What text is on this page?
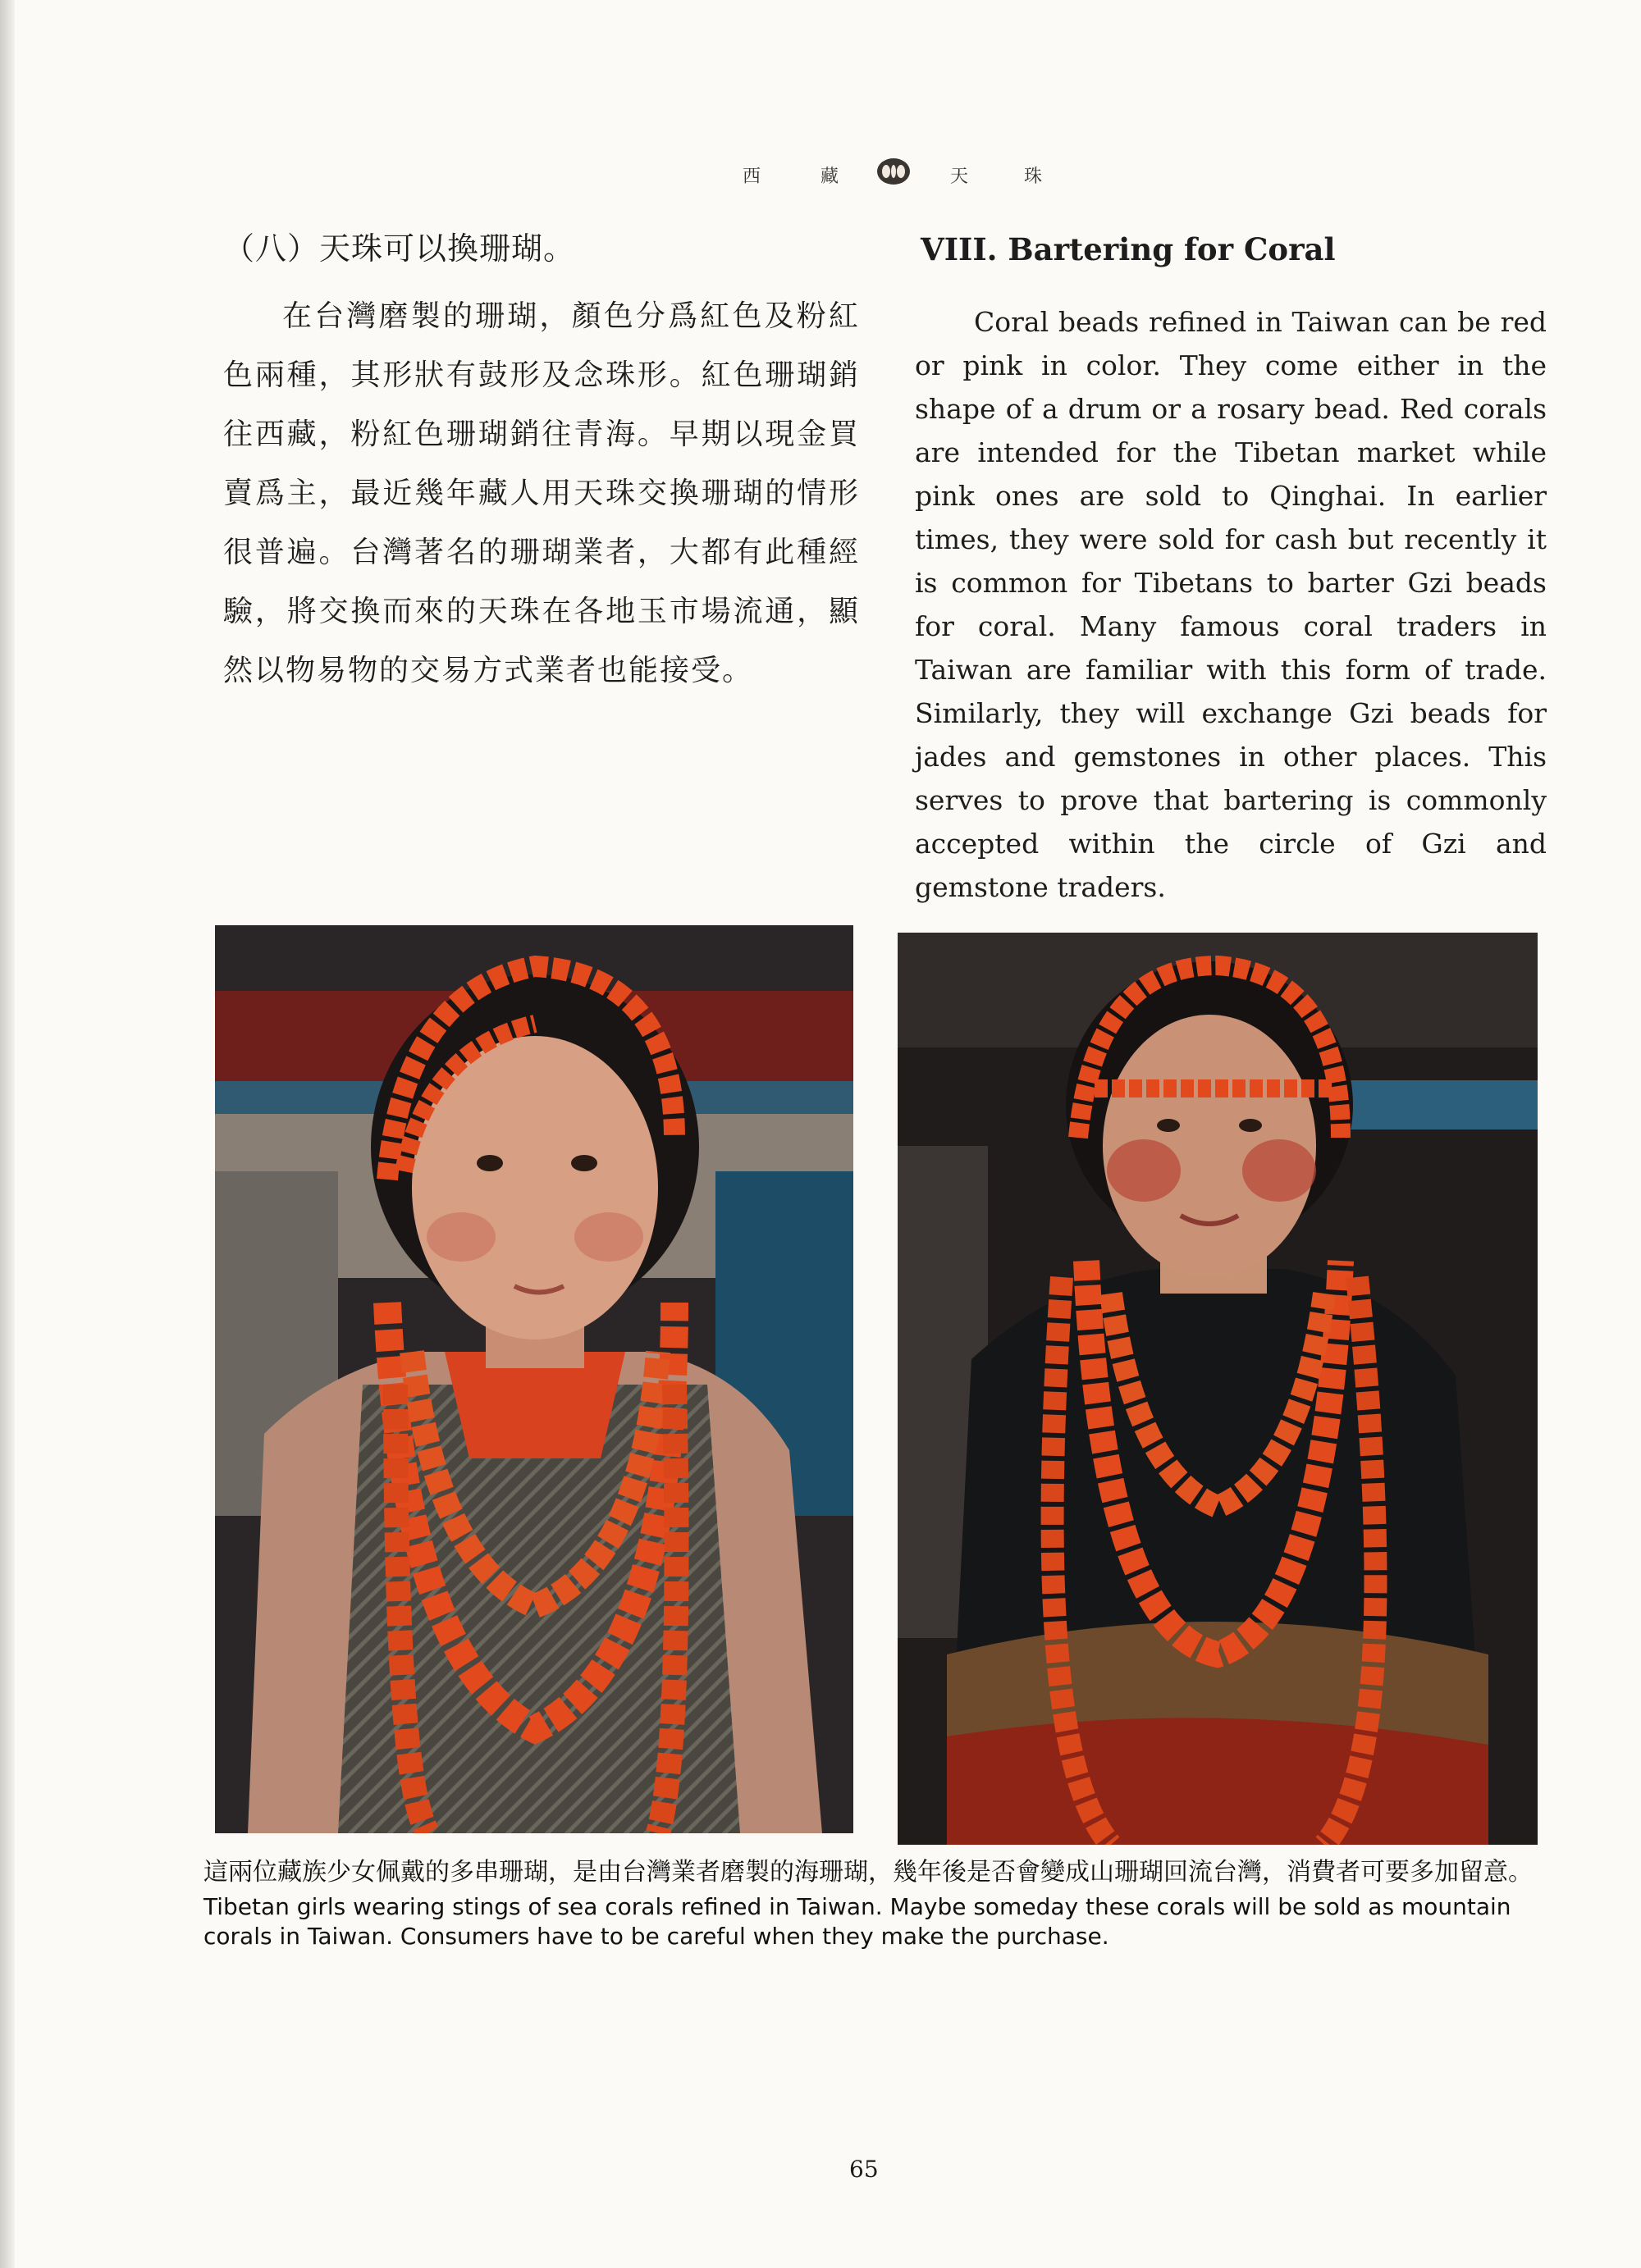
西	藏	天	珠
（八）天珠可以換珊瑚。
在台灣磨製的珊瑚，顏色分爲紅色及粉紅色兩種，其形狀有鼓形及念珠形。紅色珊瑚銷往西藏，粉紅色珊瑚銷往青海。早期以現金買賣爲主，最近幾年藏人用天珠交換珊瑚的情形很普遍。台灣著名的珊瑚業者，大都有此種經驗，將交換而來的天珠在各地玉市場流通，顯然以物易物的交易方式業者也能接受。
VIII. Bartering for Coral
Coral beads refined in Taiwan can be red or pink in color. They come either in the shape of a drum or a rosary bead. Red corals are intended for the Tibetan market while pink ones are sold to Qinghai. In earlier times, they were sold for cash but recently it is common for Tibetans to barter Gzi beads for coral. Many famous coral traders in Taiwan are familiar with this form of trade. Similarly, they will exchange Gzi beads for jades and gemstones in other places. This serves to prove that bartering is commonly accepted within the circle of Gzi and gemstone traders.
這兩位藏族少女佩戴的多串珊瑚，是由台灣業者磨製的海珊瑚，幾年後是否會變成山珊瑚回流台灣，消費者可要多加留意。
Tibetan girls wearing stings of sea corals refined in Taiwan. Maybe someday these corals will be sold as mountain corals in Taiwan. Consumers have to be careful when they make the purchase.
65
